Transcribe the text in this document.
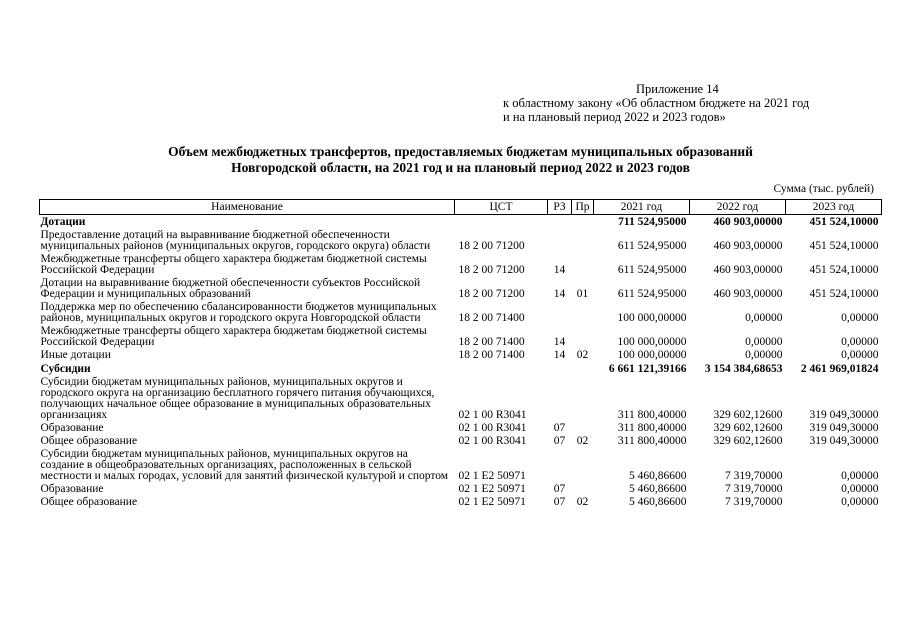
Приложение 14
к областному закону «Об областном бюджете на 2021 год
и на плановый период 2022 и 2023 годов»
Объем межбюджетных трансфертов, предоставляемых бюджетам муниципальных образований
Новгородской области, на 2021 год и на плановый период 2022 и 2023 годов
Сумма (тыс. рублей)
Наименование	ЦСТ	РЗ	Пр	2021 год	2022 год	2023 год
Дотации				711 524,95000	460 903,00000	451 524,10000
Предоставление дотаций на выравнивание бюджетной обеспеченности муниципальных районов (муниципальных округов, городского округа) области	18 2 00 71200			611 524,95000	460 903,00000	451 524,10000
Межбюджетные трансферты общего характера бюджетам бюджетной системы Российской Федерации	18 2 00 71200	14		611 524,95000	460 903,00000	451 524,10000
Дотации на выравнивание бюджетной обеспеченности субъектов Российской Федерации и муниципальных образований	18 2 00 71200	14	01	611 524,95000	460 903,00000	451 524,10000
Поддержка мер по обеспечению сбалансированности бюджетов муниципальных районов, муниципальных округов и городского округа Новгородской области	18 2 00 71400			100 000,00000	0,00000	0,00000
Межбюджетные трансферты общего характера бюджетам бюджетной системы Российской Федерации	18 2 00 71400	14		100 000,00000	0,00000	0,00000
Иные дотации	18 2 00 71400	14	02	100 000,00000	0,00000	0,00000
Субсидии				6 661 121,39166	3 154 384,68653	2 461 969,01824
Субсидии бюджетам муниципальных районов, муниципальных округов и городского округа на организацию бесплатного горячего питания обучающихся, получающих начальное общее образование в муниципальных образовательных организациях	02 1 00 R3041			311 800,40000	329 602,12600	319 049,30000
Образование	02 1 00 R3041	07		311 800,40000	329 602,12600	319 049,30000
Общее образование	02 1 00 R3041	07	02	311 800,40000	329 602,12600	319 049,30000
Субсидии бюджетам муниципальных районов, муниципальных округов на создание в общеобразовательных организациях, расположенных в сельской местности и малых городах, условий для занятий физической культурой и спортом	02 1 E2 50971			5 460,86600	7 319,70000	0,00000
Образование	02 1 E2 50971	07		5 460,86600	7 319,70000	0,00000
Общее образование	02 1 E2 50971	07	02	5 460,86600	7 319,70000	0,00000
